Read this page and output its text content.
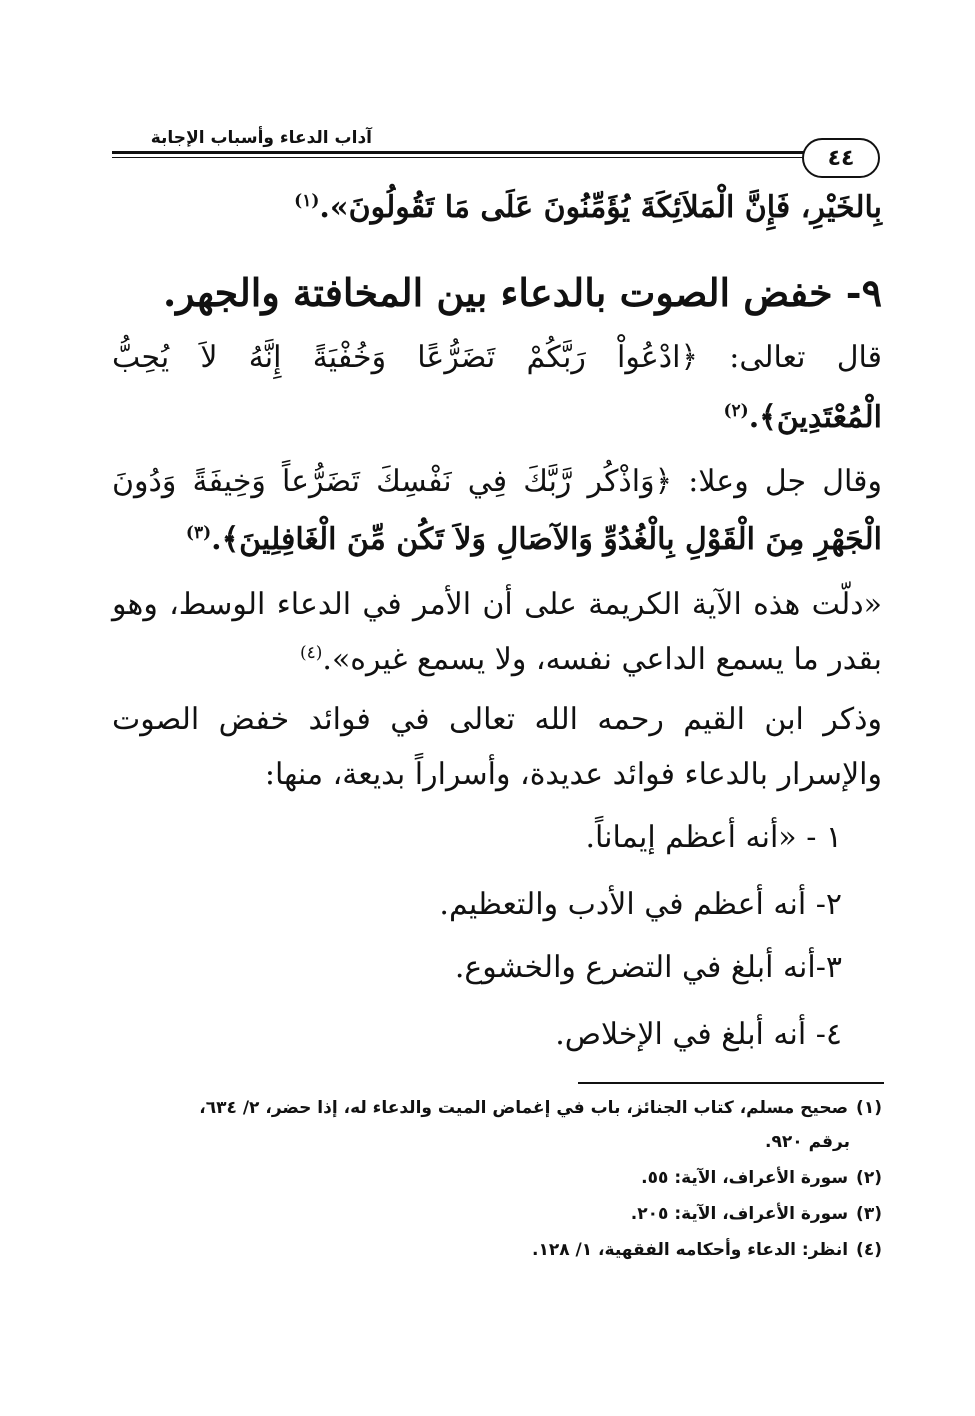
آداب الدعاء وأسباب الإجابة
٤٤
بِالخَيْرِ، فَإِنَّ الْمَلاَئِكَةَ يُؤَمِّنُونَ عَلَى مَا تَقُولُونَ».$^{(١)}$
٩- خفض الصوت بالدعاء بين المخافتة والجهر.
قال تعالى: ﴿ادْعُواْ رَبَّكُمْ تَضَرُّعًا وَخُفْيَةً إِنَّهُ لاَ يُحِبُّ
الْمُعْتَدِينَ﴾.$^{(٢)}$
وقال جل وعلا: ﴿وَاذْكُر رَّبَّكَ فِي نَفْسِكَ تَضَرُّعاً وَخِيفَةً وَدُونَ
الْجَهْرِ مِنَ الْقَوْلِ بِالْغُدُوِّ وَالآصَالِ وَلاَ تَكُن مِّنَ الْغَافِلِينَ﴾.$^{(٣)}$
«دلّت هذه الآية الكريمة على أن الأمر في الدعاء الوسط، وهو
بقدر ما يسمع الداعي نفسه، ولا يسمع غيره».$^{(٤)}$
وذكر ابن القيم رحمه الله تعالى في فوائد خفض الصوت
والإسرار بالدعاء فوائد عديدة، وأسراراً بديعة، منها:
١ - «أنه أعظم إيماناً.
٢- أنه أعظم في الأدب والتعظيم.
٣-أنه أبلغ في التضرع والخشوع.
٤- أنه أبلغ في الإخلاص.
(١)صحيح مسلم، كتاب الجنائز، باب في إغماض الميت والدعاء له، إذا حضر، ٢/ ٦٣٤،
برقم ٩٢٠.
(٢)سورة الأعراف، الآية: ٥٥.
(٣)سورة الأعراف، الآية: ٢٠٥.
(٤)انظر: الدعاء وأحكامه الفقهية، ١/ ١٢٨.
